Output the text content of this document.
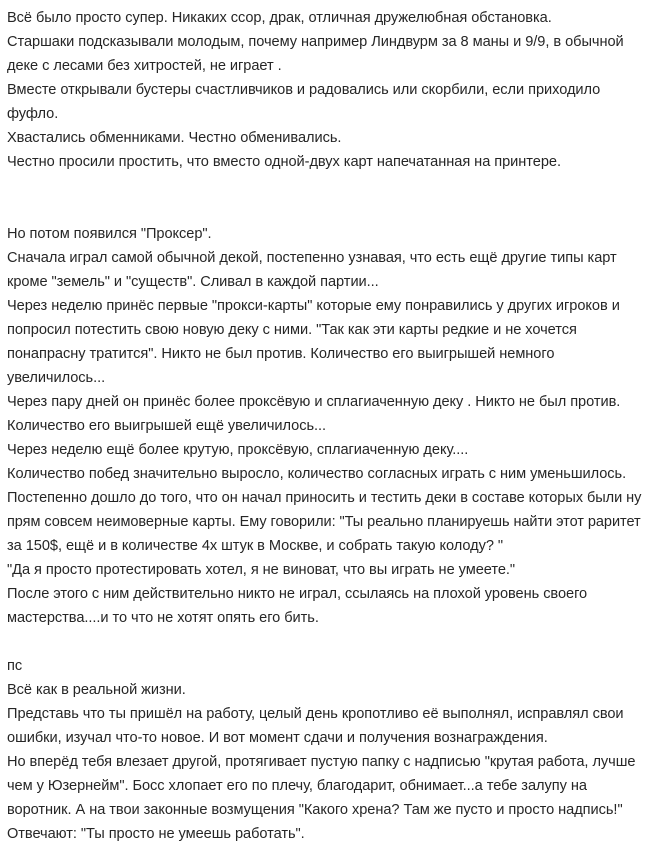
Всё было просто супер. Никаких ссор, драк, отличная дружелюбная обстановка.
Старшаки подсказывали молодым, почему например Линдвурм за 8 маны и 9/9, в обычной
деке с лесами без хитростей, не играет .
Вместе открывали бустеры счастливчиков и радовались или скорбили, если приходило
фуфло.
Хвастались обменниками. Честно обменивались.
Честно просили простить, что вместо одной-двух карт напечатанная на принтере.
Но потом появился "Проксер".
Сначала играл самой обычной декой, постепенно узнавая, что есть ещё другие типы карт
кроме "земель" и "существ". Сливал в каждой партии...
Через неделю принёс первые "прокси-карты" которые ему понравились у других игроков и
попросил потестить свою новую деку с ними. "Так как эти карты редкие и не хочется
понапрасну тратится". Никто не был против. Количество его выигрышей немного
увеличилось...
Через пару дней он принёс более проксёвую и сплагиаченную деку . Никто не был против.
Количество его выигрышей ещё увеличилось...
Через неделю ещё более крутую, проксёвую, сплагиаченную деку....
Количество побед значительно выросло, количество согласных играть с ним уменьшилось.
Постепенно дошло до того, что он начал приносить и тестить деки в составе которых были ну
прям совсем неимоверные карты. Ему говорили: "Ты реально планируешь найти этот раритет
за 150$, ещё и в количестве 4х штук в Москве, и собрать такую колоду? "
"Да я просто протестировать хотел, я не виноват, что вы играть не умеете."
После этого с ним действительно никто не играл, ссылаясь на плохой уровень своего
мастерства....и то что не хотят опять его бить.
пс
Всё как в реальной жизни.
Представь что ты пришёл на работу, целый день кропотливо её выполнял, исправлял свои
ошибки, изучал что-то новое. И вот момент сдачи и получения вознаграждения.
Но вперёд тебя влезает другой, протягивает пустую папку с надписью "крутая работа, лучше
чем у Юзернейм". Босс хлопает его по плечу, благодарит, обнимает...а тебе залупу на
воротник. А на твои законные возмущения "Какого хрена? Там же пусто и просто надпись!"
Отвечают: "Ты просто не умеешь работать".
